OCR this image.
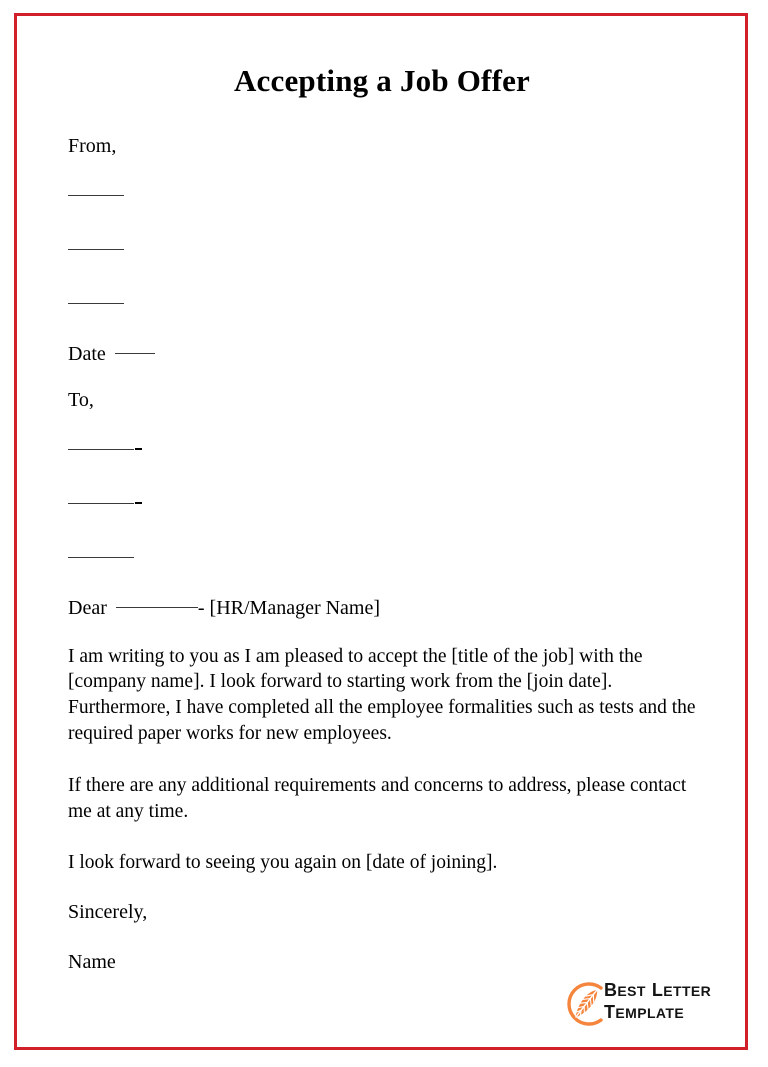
Accepting a Job Offer

From,

Date

To,

Dear	- [HR/Manager Name]

I am writing to you as I am pleased to accept the [title of the job] with the [company name]. I look forward to starting work from the [join date]. Furthermore, I have completed all the employee formalities such as tests and the required paper works for new employees.

If there are any additional requirements and concerns to address, please contact me at any time.

I look forward to seeing you again on [date of joining].

Sincerely,

Name

BEST LETTER
TEMPLATE
